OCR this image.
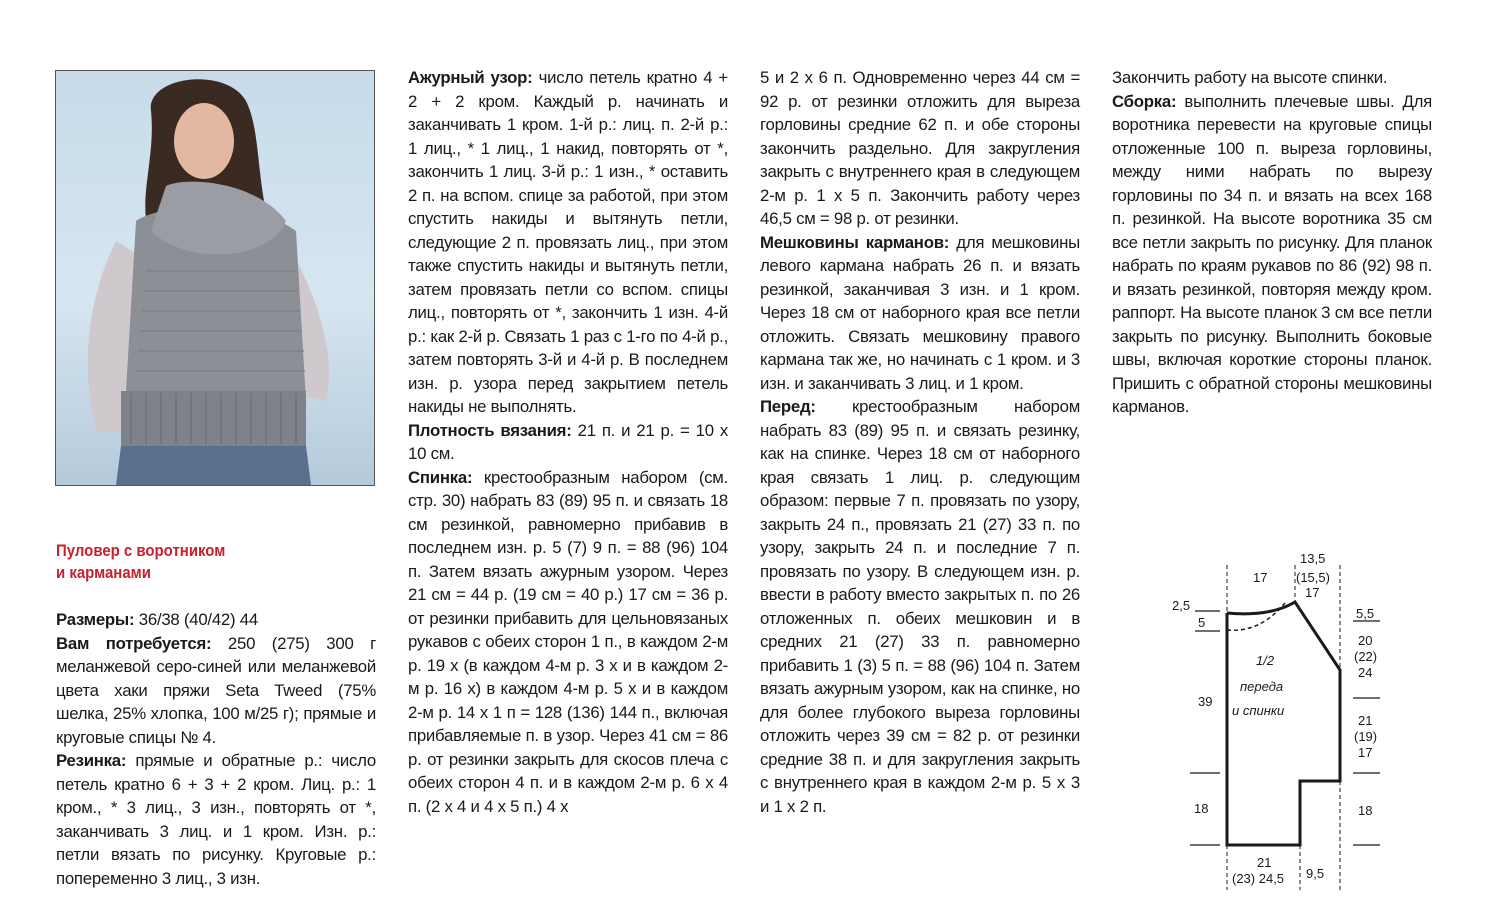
Пуловер с воротником
и карманами

Размеры: 36/38 (40/42) 44

Вам потребуется: 250 (275) 300 г меланжевой серо-синей или меланжевой цвета хаки пряжи Seta Tweed (75% шелка, 25% хлопка, 100 м/25 г); прямые и круговые спицы № 4.

Резинка: прямые и обратные р.: число петель кратно 6 + 3 + 2 кром. Лиц. р.: 1 кром., * 3 лиц., 3 изн., повторять от *, заканчивать 3 лиц. и 1 кром. Изн. р.: петли вязать по рисунку. Круговые р.: попеременно 3 лиц., 3 изн.

Ажурный узор: число петель кратно 4 + 2 + 2 кром. Каждый р. начинать и заканчивать 1 кром. 1-й р.: лиц. п. 2-й р.: 1 лиц., * 1 лиц., 1 накид, повторять от *, закончить 1 лиц. 3-й р.: 1 изн., * оставить 2 п. на вспом. спице за работой, при этом спустить накиды и вытянуть петли, следующие 2 п. провязать лиц., при этом также спустить накиды и вытянуть петли, затем провязать петли со вспом. спицы лиц., повторять от *, закончить 1 изн. 4-й р.: как 2-й р. Связать 1 раз с 1-го по 4-й р., затем повторять 3-й и 4-й р. В последнем изн. р. узора перед закрытием петель накиды не выполнять.

Плотность вязания: 21 п. и 21 р. = 10 х 10 см.

Спинка: крестообразным набором (см. стр. 30) набрать 83 (89) 95 п. и связать 18 см резинкой, равномерно прибавив в последнем изн. р. 5 (7) 9 п. = 88 (96) 104 п. Затем вязать ажурным узором. Через 21 см = 44 р. (19 см = 40 р.) 17 см = 36 р. от резинки прибавить для цельновязаных рукавов с обеих сторон 1 п., в каждом 2-м р. 19 х (в каждом 4-м р. 3 х и в каждом 2-м р. 16 х) в каждом 4-м р. 5 х и в каждом 2-м р. 14 х 1 п = 128 (136) 144 п., включая прибавляемые п. в узор. Через 41 см = 86 р. от резинки закрыть для скосов плеча с обеих сторон 4 п. и в каждом 2-м р. 6 х 4 п. (2 х 4 и 4 х 5 п.) 4 х

5 и 2 х 6 п. Одновременно через 44 см = 92 р. от резинки отложить для выреза горловины средние 62 п. и обе стороны закончить раздельно. Для закругления закрыть с внутреннего края в следующем 2-м р. 1 х 5 п. Закончить работу через 46,5 см = 98 р. от резинки.

Мешковины карманов: для мешковины левого кармана набрать 26 п. и вязать резинкой, заканчивая 3 изн. и 1 кром. Через 18 см от наборного края все петли отложить. Связать мешковину правого кармана так же, но начинать с 1 кром. и 3 изн. и заканчивать 3 лиц. и 1 кром.

Перед: крестообразным набором набрать 83 (89) 95 п. и связать резинку, как на спинке. Через 18 см от наборного края связать 1 лиц. р. следующим образом: первые 7 п. провязать по узору, закрыть 24 п., провязать 21 (27) 33 п. по узору, закрыть 24 п. и последние 7 п. провязать по узору. В следующем изн. р. ввести в работу вместо закрытых п. по 26 отложенных п. обеих мешковин и в средних 21 (27) 33 п. равномерно прибавить 1 (3) 5 п. = 88 (96) 104 п. Затем вязать ажурным узором, как на спинке, но для более глубокого выреза горловины отложить через 39 см = 82 р. от резинки средние 38 п. и для закругления закрыть с внутреннего края в каждом 2-м р. 5 х 3 и 1 х 2 п.

Закончить работу на высоте спинки.

Сборка: выполнить плечевые швы. Для воротника перевести на круговые спицы отложенные 100 п. выреза горловины, между ними набрать по вырезу горловины по 34 п. и вязать на всех 168 п. резинкой. На высоте воротника 35 см все петли закрыть по рисунку. Для планок набрать по краям рукавов по 86 (92) 98 п. и вязать резинкой, повторяя между кром. раппорт. На высоте планок 3 см все петли закрыть по рисунку. Выполнить боковые швы, включая короткие стороны планок. Пришить с обратной стороны мешковины карманов.

17
13,5
(15,5)
17
2,5
5
39
18
5,5
20
(22)
24
21
(19)
17
18
1/2
переда
и спинки
21
(23) 24,5 9,5
